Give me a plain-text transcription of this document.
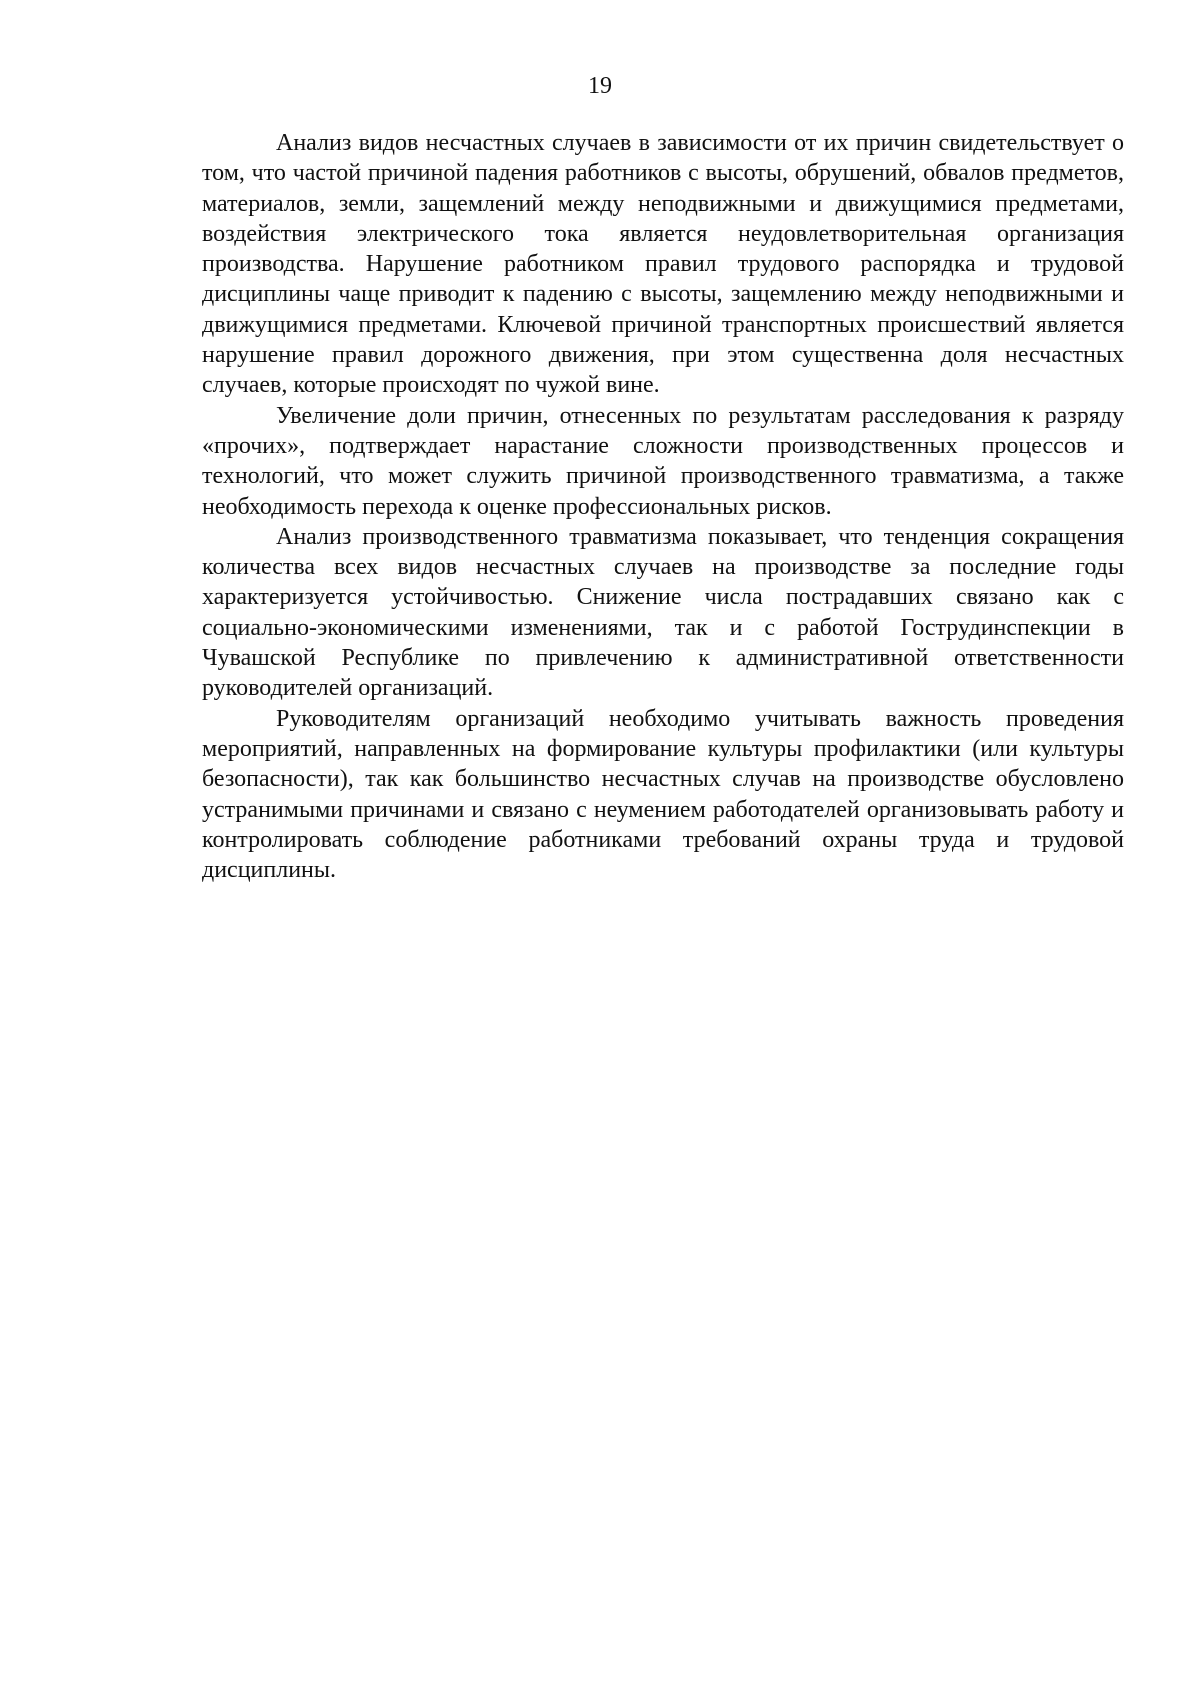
19

Анализ видов несчастных случаев в зависимости от их причин свидетельствует о том, что частой причиной падения работников с высоты, обрушений, обвалов предметов, материалов, земли, защемлений между неподвижными и движущимися предметами, воздействия электрического тока является неудовлетворительная организация производства. Нарушение работником правил трудового распорядка и трудовой дисциплины чаще приводит к падению с высоты, защемлению между неподвижными и движущимися предметами. Ключевой причиной транспортных происшествий является нарушение правил дорожного движения, при этом существенна доля несчастных случаев, которые происходят по чужой вине.

Увеличение доли причин, отнесенных по результатам расследования к разряду «прочих», подтверждает нарастание сложности производственных процессов и технологий, что может служить причиной производственного травматизма, а также необходимость перехода к оценке профессиональных рисков.

Анализ производственного травматизма показывает, что тенденция сокращения количества всех видов несчастных случаев на производстве за последние годы характеризуется устойчивостью. Снижение числа пострадавших связано как с социально-экономическими изменениями, так и с работой Гострудинспекции в Чувашской Республике по привлечению к административной ответственности руководителей организаций.

Руководителям организаций необходимо учитывать важность проведения мероприятий, направленных на формирование культуры профилактики (или культуры безопасности), так как большинство несчастных случав на производстве обусловлено устранимыми причинами и связано с неумением работодателей организовывать работу и контролировать соблюдение работниками требований охраны труда и трудовой дисциплины.
